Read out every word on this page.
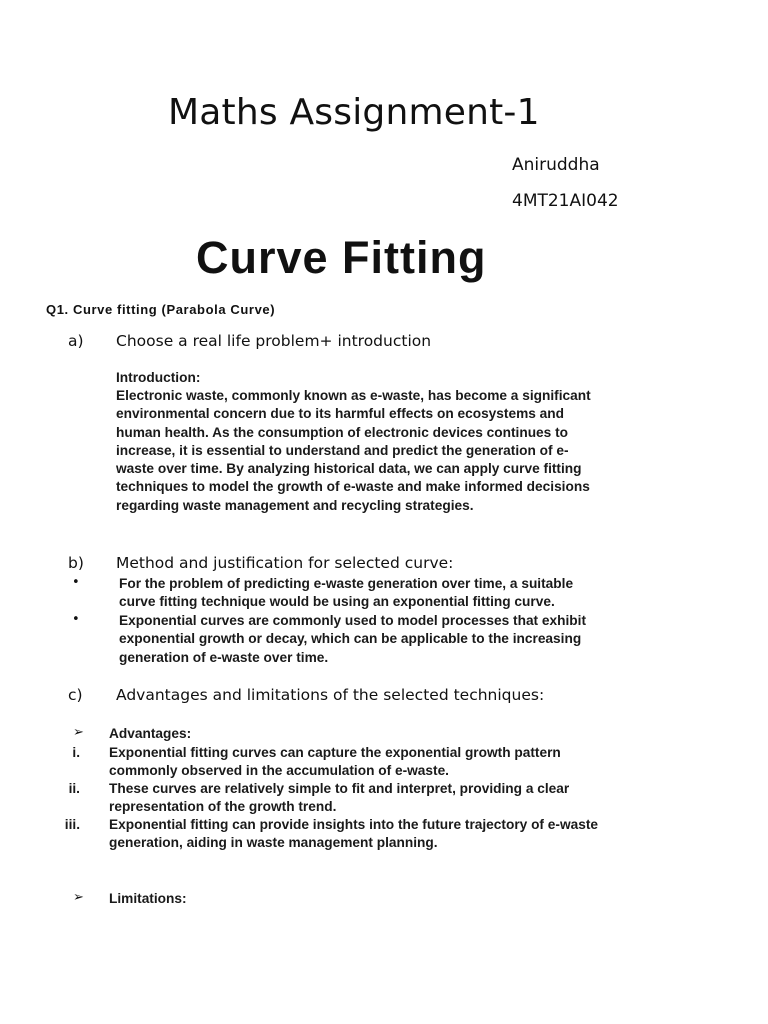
Maths Assignment-1
Aniruddha
4MT21AI042
Curve Fitting
Q1. Curve fitting (Parabola Curve)
a) Choose a real life problem+ introduction
Introduction:
Electronic waste, commonly known as e-waste, has become a significant
environmental concern due to its harmful effects on ecosystems and
human health. As the consumption of electronic devices continues to
increase, it is essential to understand and predict the generation of e-
waste over time. By analyzing historical data, we can apply curve fitting
techniques to model the growth of e-waste and make informed decisions
regarding waste management and recycling strategies.
b) Method and justification for selected curve:
•	For the problem of predicting e-waste generation over time, a suitable
curve fitting technique would be using an exponential fitting curve.
•	Exponential curves are commonly used to model processes that exhibit
exponential growth or decay, which can be applicable to the increasing
generation of e-waste over time.
c) Advantages and limitations of the selected techniques:
➢ Advantages:
i. Exponential fitting curves can capture the exponential growth pattern
commonly observed in the accumulation of e-waste.
ii. These curves are relatively simple to fit and interpret, providing a clear
representation of the growth trend.
iii. Exponential fitting can provide insights into the future trajectory of e-waste
generation, aiding in waste management planning.
➢ Limitations:
